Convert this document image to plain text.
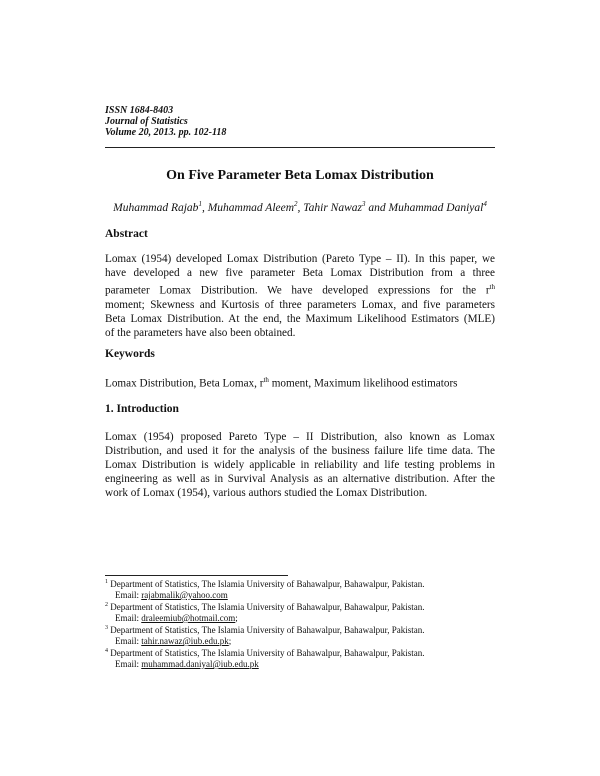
ISSN 1684-8403
Journal of Statistics
Volume 20, 2013. pp. 102-118
On Five Parameter Beta Lomax Distribution
Muhammad Rajab$^1$, Muhammad Aleem$^2$, Tahir Nawaz$^3$ and Muhammad Daniyal$^4$
Abstract
Lomax (1954) developed Lomax Distribution (Pareto Type – II). In this paper, we
have developed a new five parameter Beta Lomax Distribution from a three
parameter Lomax Distribution. We have developed expressions for the $r^{th}$
moment; Skewness and Kurtosis of three parameters Lomax, and five parameters
Beta Lomax Distribution. At the end, the Maximum Likelihood Estimators (MLE)
of the parameters have also been obtained.
Keywords
Lomax Distribution, Beta Lomax, $r^{th}$ moment, Maximum likelihood estimators
1. Introduction
Lomax (1954) proposed Pareto Type – II Distribution, also known as Lomax
Distribution, and used it for the analysis of the business failure life time data. The
Lomax Distribution is widely applicable in reliability and life testing problems in
engineering as well as in Survival Analysis as an alternative distribution. After the
work of Lomax (1954), various authors studied the Lomax Distribution.
$^1$ Department of Statistics, The Islamia University of Bahawalpur, Bahawalpur, Pakistan.
Email: rajabmalik@yahoo.com
$^2$ Department of Statistics, The Islamia University of Bahawalpur, Bahawalpur, Pakistan.
Email: draleemiub@hotmail.com;
$^3$ Department of Statistics, The Islamia University of Bahawalpur, Bahawalpur, Pakistan.
Email: tahir.nawaz@iub.edu.pk;
$^4$ Department of Statistics, The Islamia University of Bahawalpur, Bahawalpur, Pakistan.
Email: muhammad.daniyal@iub.edu.pk
